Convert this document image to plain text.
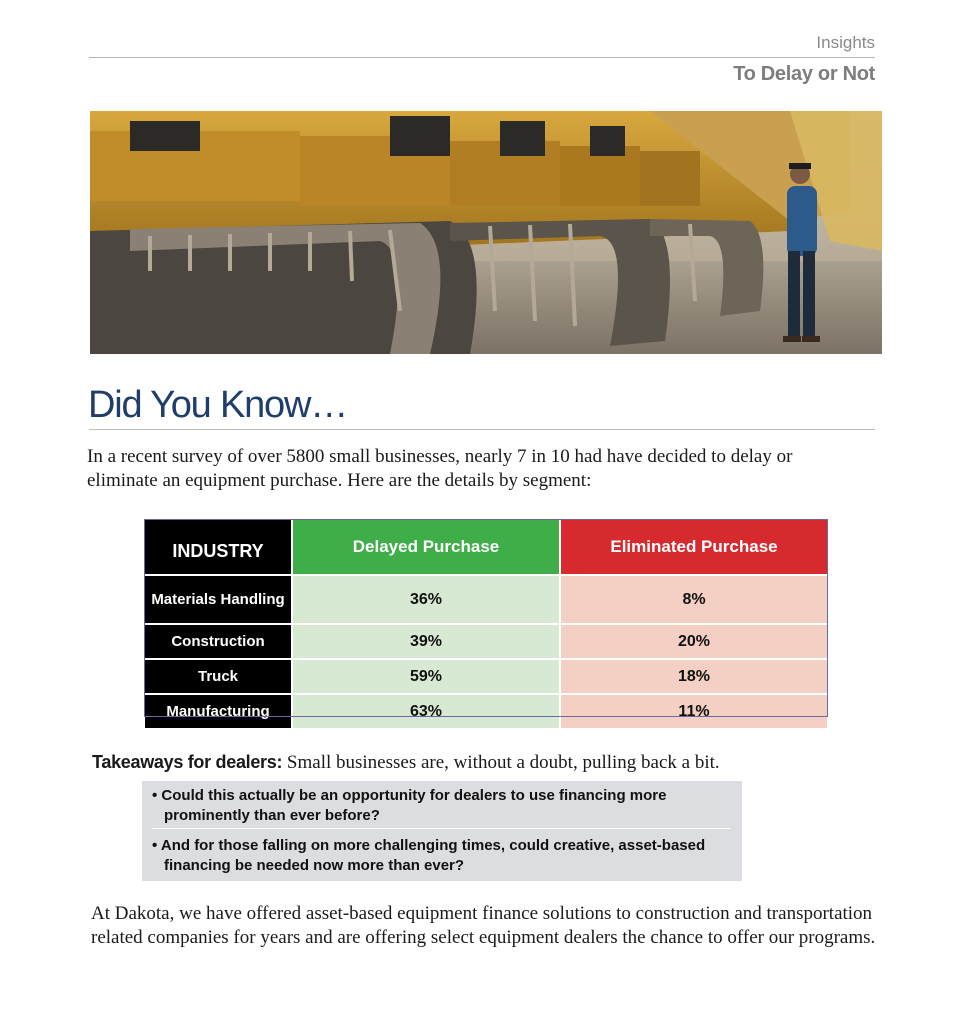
Insights
To Delay or Not
Did You Know…
In a recent survey of over 5800 small businesses, nearly 7 in 10 had have decided to delay or eliminate an equipment purchase. Here are the details by segment:
INDUSTRY	Delayed Purchase	Eliminated Purchase
Materials Handling	36%	8%
Construction	39%	20%
Truck	59%	18%
Manufacturing	63%	11%
Takeaways for dealers: Small businesses are, without a doubt, pulling back a bit.
• Could this actually be an opportunity for dealers to use financing more prominently than ever before?
• And for those falling on more challenging times, could creative, asset-based financing be needed now more than ever?
At Dakota, we have offered asset-based equipment finance solutions to construction and transportation related companies for years and are offering select equipment dealers the chance to offer our programs.
